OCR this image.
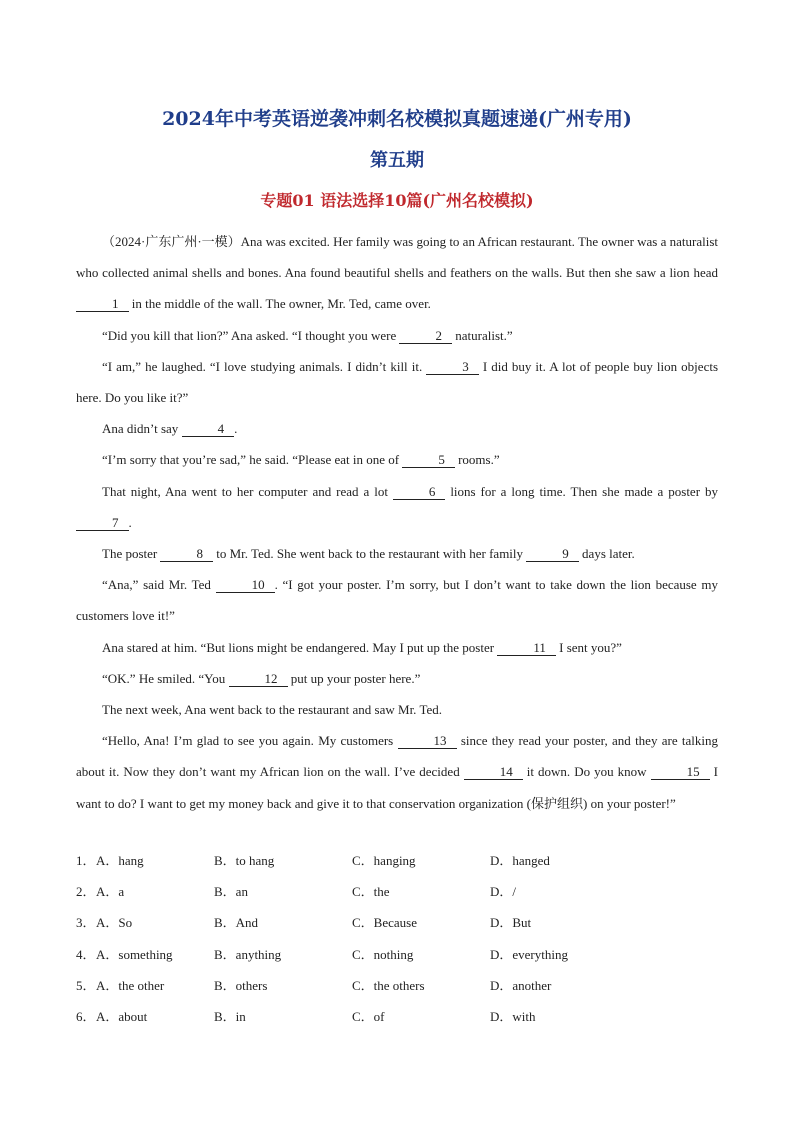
2024年中考英语逆袭冲刺名校模拟真题速递(广州专用)
第五期
专题01 语法选择10篇(广州名校模拟)

（2024·广东广州·一模）Ana was excited. Her family was going to an African restaurant. The owner was a naturalist who collected animal shells and bones. Ana found beautiful shells and feathers on the walls. But then she saw a lion head 1 in the middle of the wall. The owner, Mr. Ted, came over.

“Did you kill that lion?” Ana asked. “I thought you were	2 naturalist.”

“I am,” he laughed. “I love studying animals. I didn’t kill it.	3 I did buy it. A lot of people buy lion objects here. Do you like it?”

Ana didn’t say	4 .

“I’m sorry that you’re sad,” he said. “Please eat in one of	5 rooms.”

That night, Ana went to her computer and read a lot	6 lions for a long time. Then she made a poster by 7 .

The poster	8 to Mr. Ted. She went back to the restaurant with her family	9 days later.

“Ana,” said Mr. Ted	10 . “I got your poster. I’m sorry, but I don’t want to take down the lion because my customers love it!”

Ana stared at him. “But lions might be endangered. May I put up the poster	11 I sent you?”

“OK.” He smiled. “You	12 put up your poster here.”

The next week, Ana went back to the restaurant and saw Mr. Ted.

“Hello, Ana! I’m glad to see you again. My customers	13 since they read your poster, and they are talking about it. Now they don’t want my African lion on the wall. I’ve decided	14 it down. Do you know	15 I want to do? I want to get my money back and give it to that conservation organization (保护组织) on your poster!”

1． A．hang	B．to hang	C．hanging	D．hanged
2． A．a	B．an	C．the	D．/
3． A．So	B．And	C．Because	D．But
4． A．something	B．anything	C．nothing	D．everything
5． A．the other	B．others	C．the others	D．another
6． A．about	B．in	C．of	D．with
